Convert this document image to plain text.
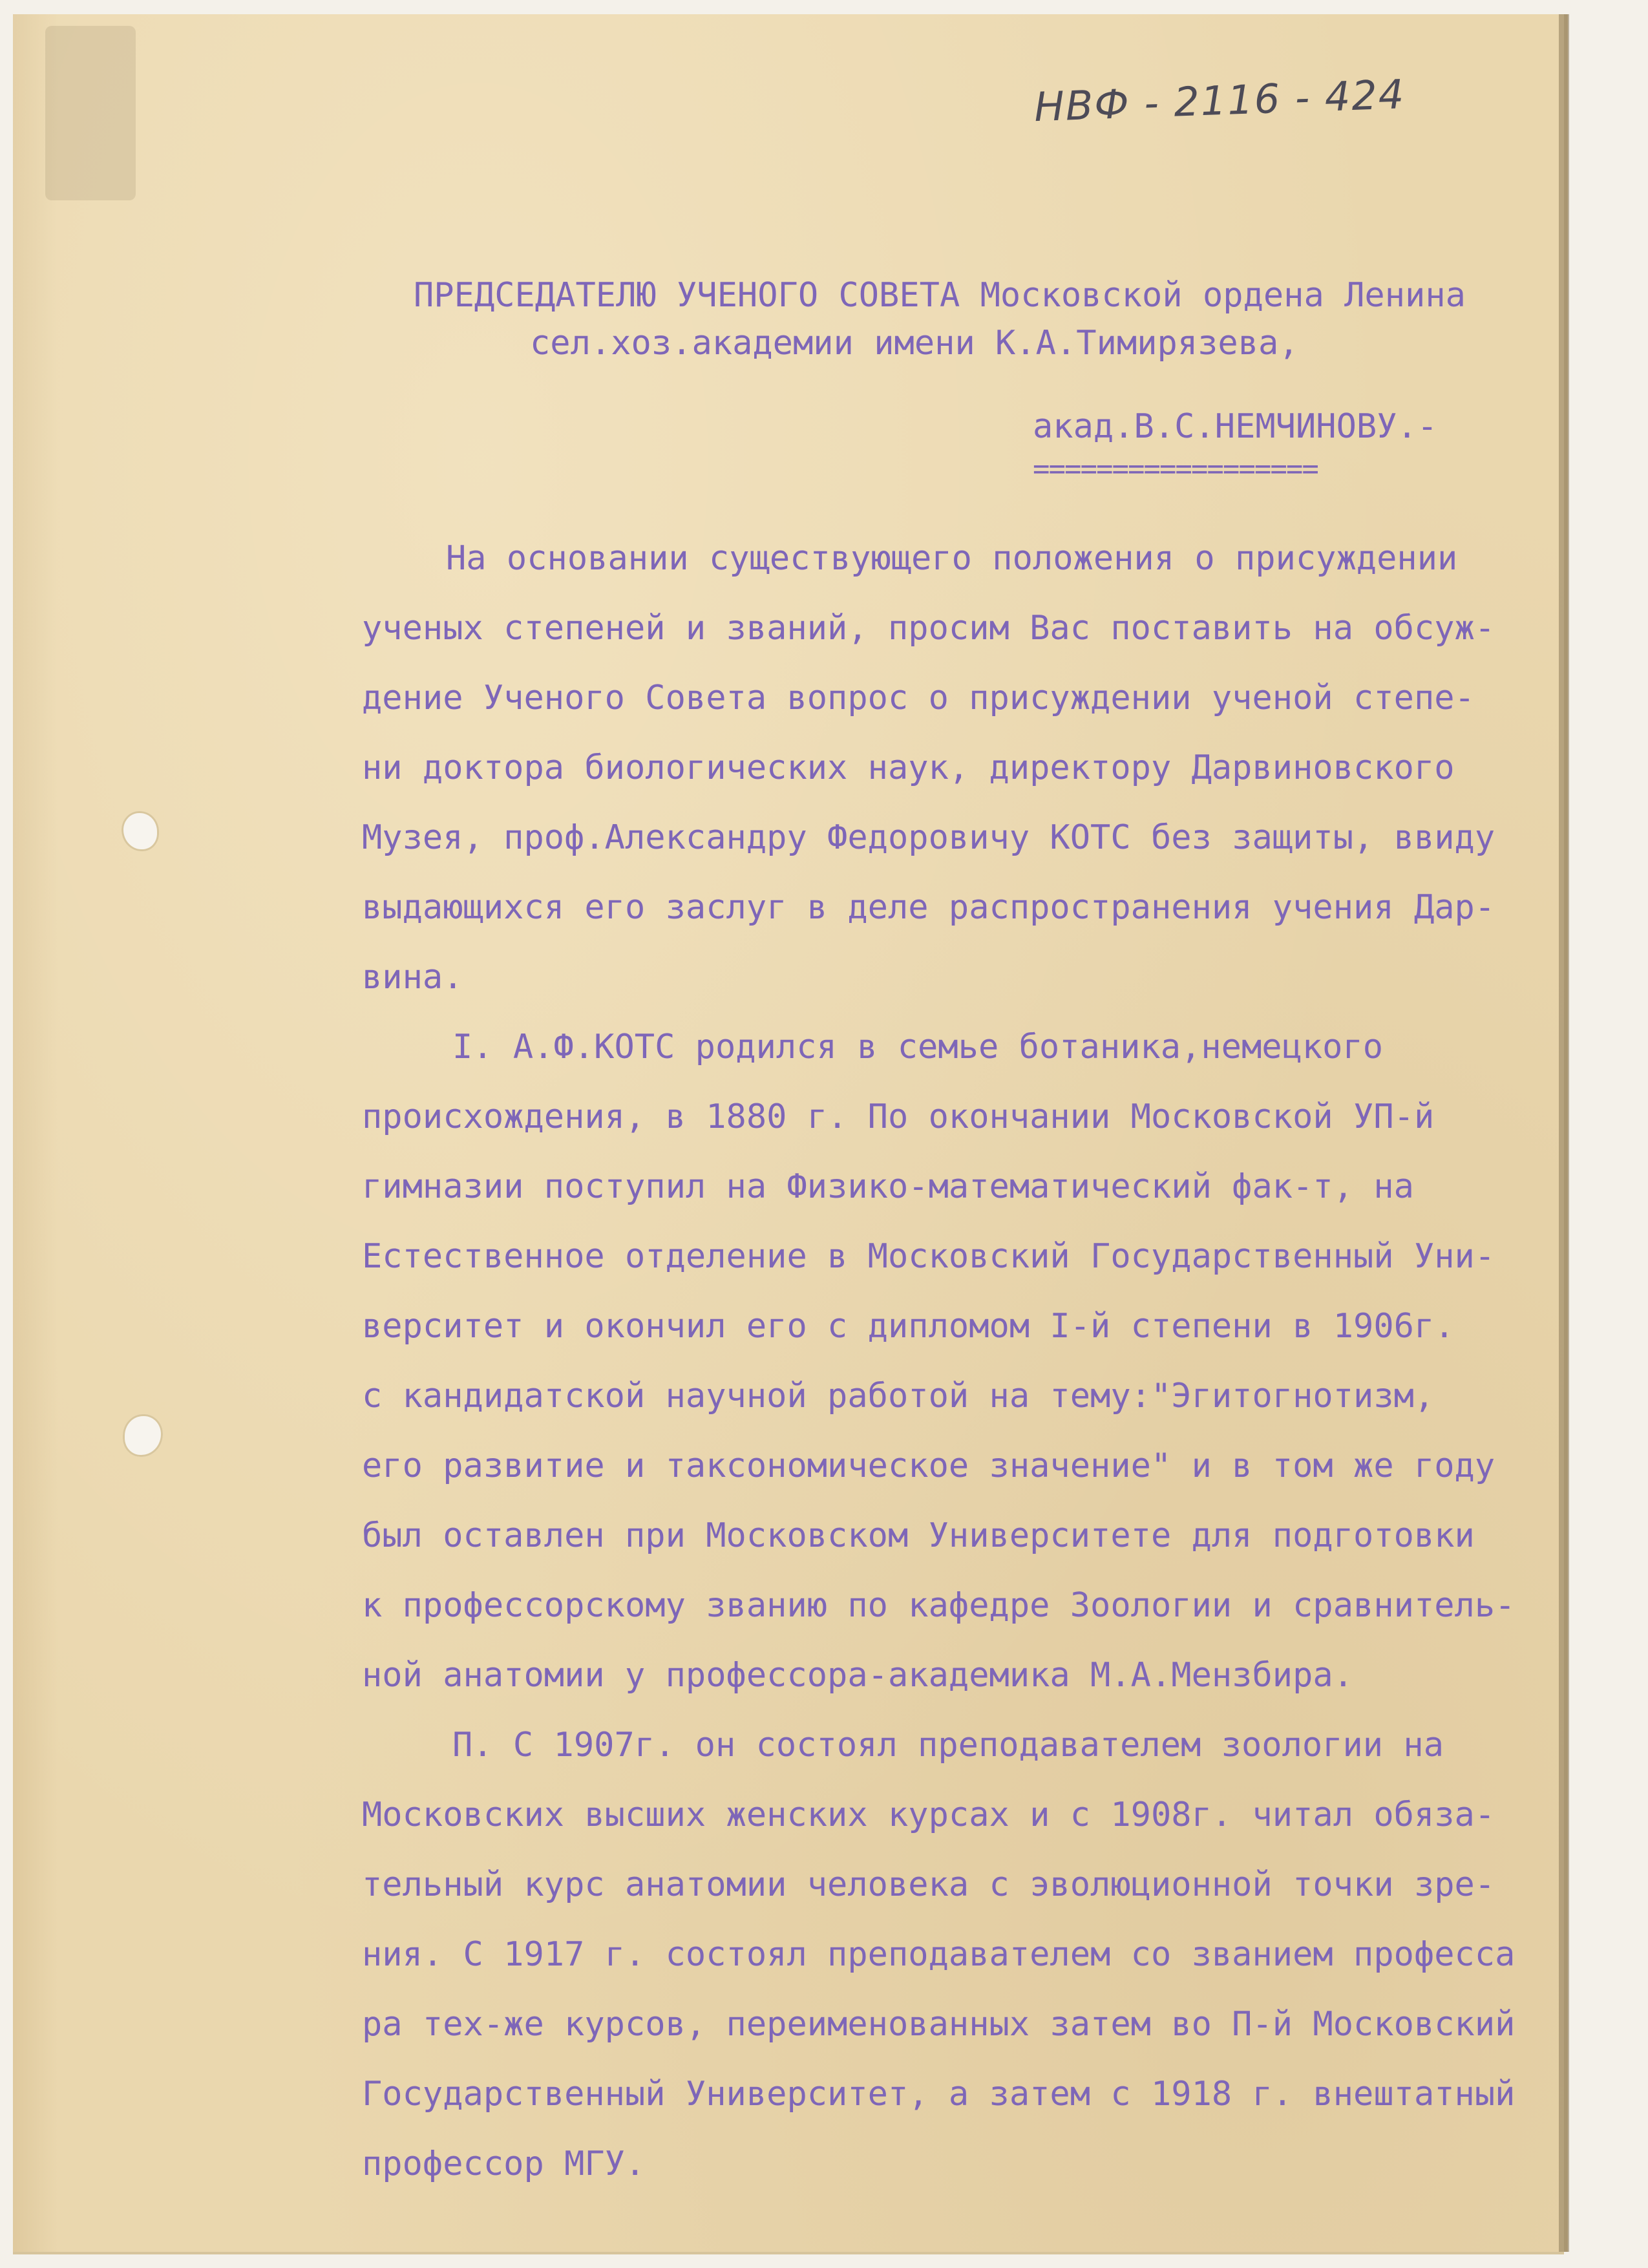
НВФ - 2116 - 424
ПРЕДСЕДАТЕЛЮ УЧЕНОГО СОВЕТА Московской ордена Ленина
сел.хоз.академии имени К.А.Тимирязева,
акад.В.С.НЕМЧИНОВУ.-
==================
На основании существующего положения о присуждении
ученых степеней и званий, просим Вас поставить на обсуж-
дение Ученого Совета вопрос о присуждении ученой степе-
ни доктора биологических наук, директору Дарвиновского
Музея, проф.Александру Федоровичу КОТС без защиты, ввиду
выдающихся его заслуг в деле распространения учения Дар-
вина.
I. А.Ф.КОТС родился в семье ботаника,немецкого
происхождения, в 1880 г. По окончании Московской УП-й
гимназии поступил на Физико-математический фак-т, на
Естественное отделение в Московский Государственный Уни-
верситет и окончил его с дипломом I-й степени в 1906г.
с кандидатской научной работой на тему:"Эгитогнотизм,
его развитие и таксономическое значение" и в том же году
был оставлен при Московском Университете для подготовки
к профессорскому званию по кафедре Зоологии и сравнитель-
ной анатомии у профессора-академика М.А.Мензбира.
П. С 1907г. он состоял преподавателем зоологии на
Московских высших женских курсах и с 1908г. читал обяза-
тельный курс анатомии человека с эволюционной точки зре-
ния. С 1917 г. состоял преподавателем со званием професса
ра тех-же курсов, переименованных затем во П-й Московский
Государственный Университет, а затем с 1918 г. внештатный
профессор МГУ.
